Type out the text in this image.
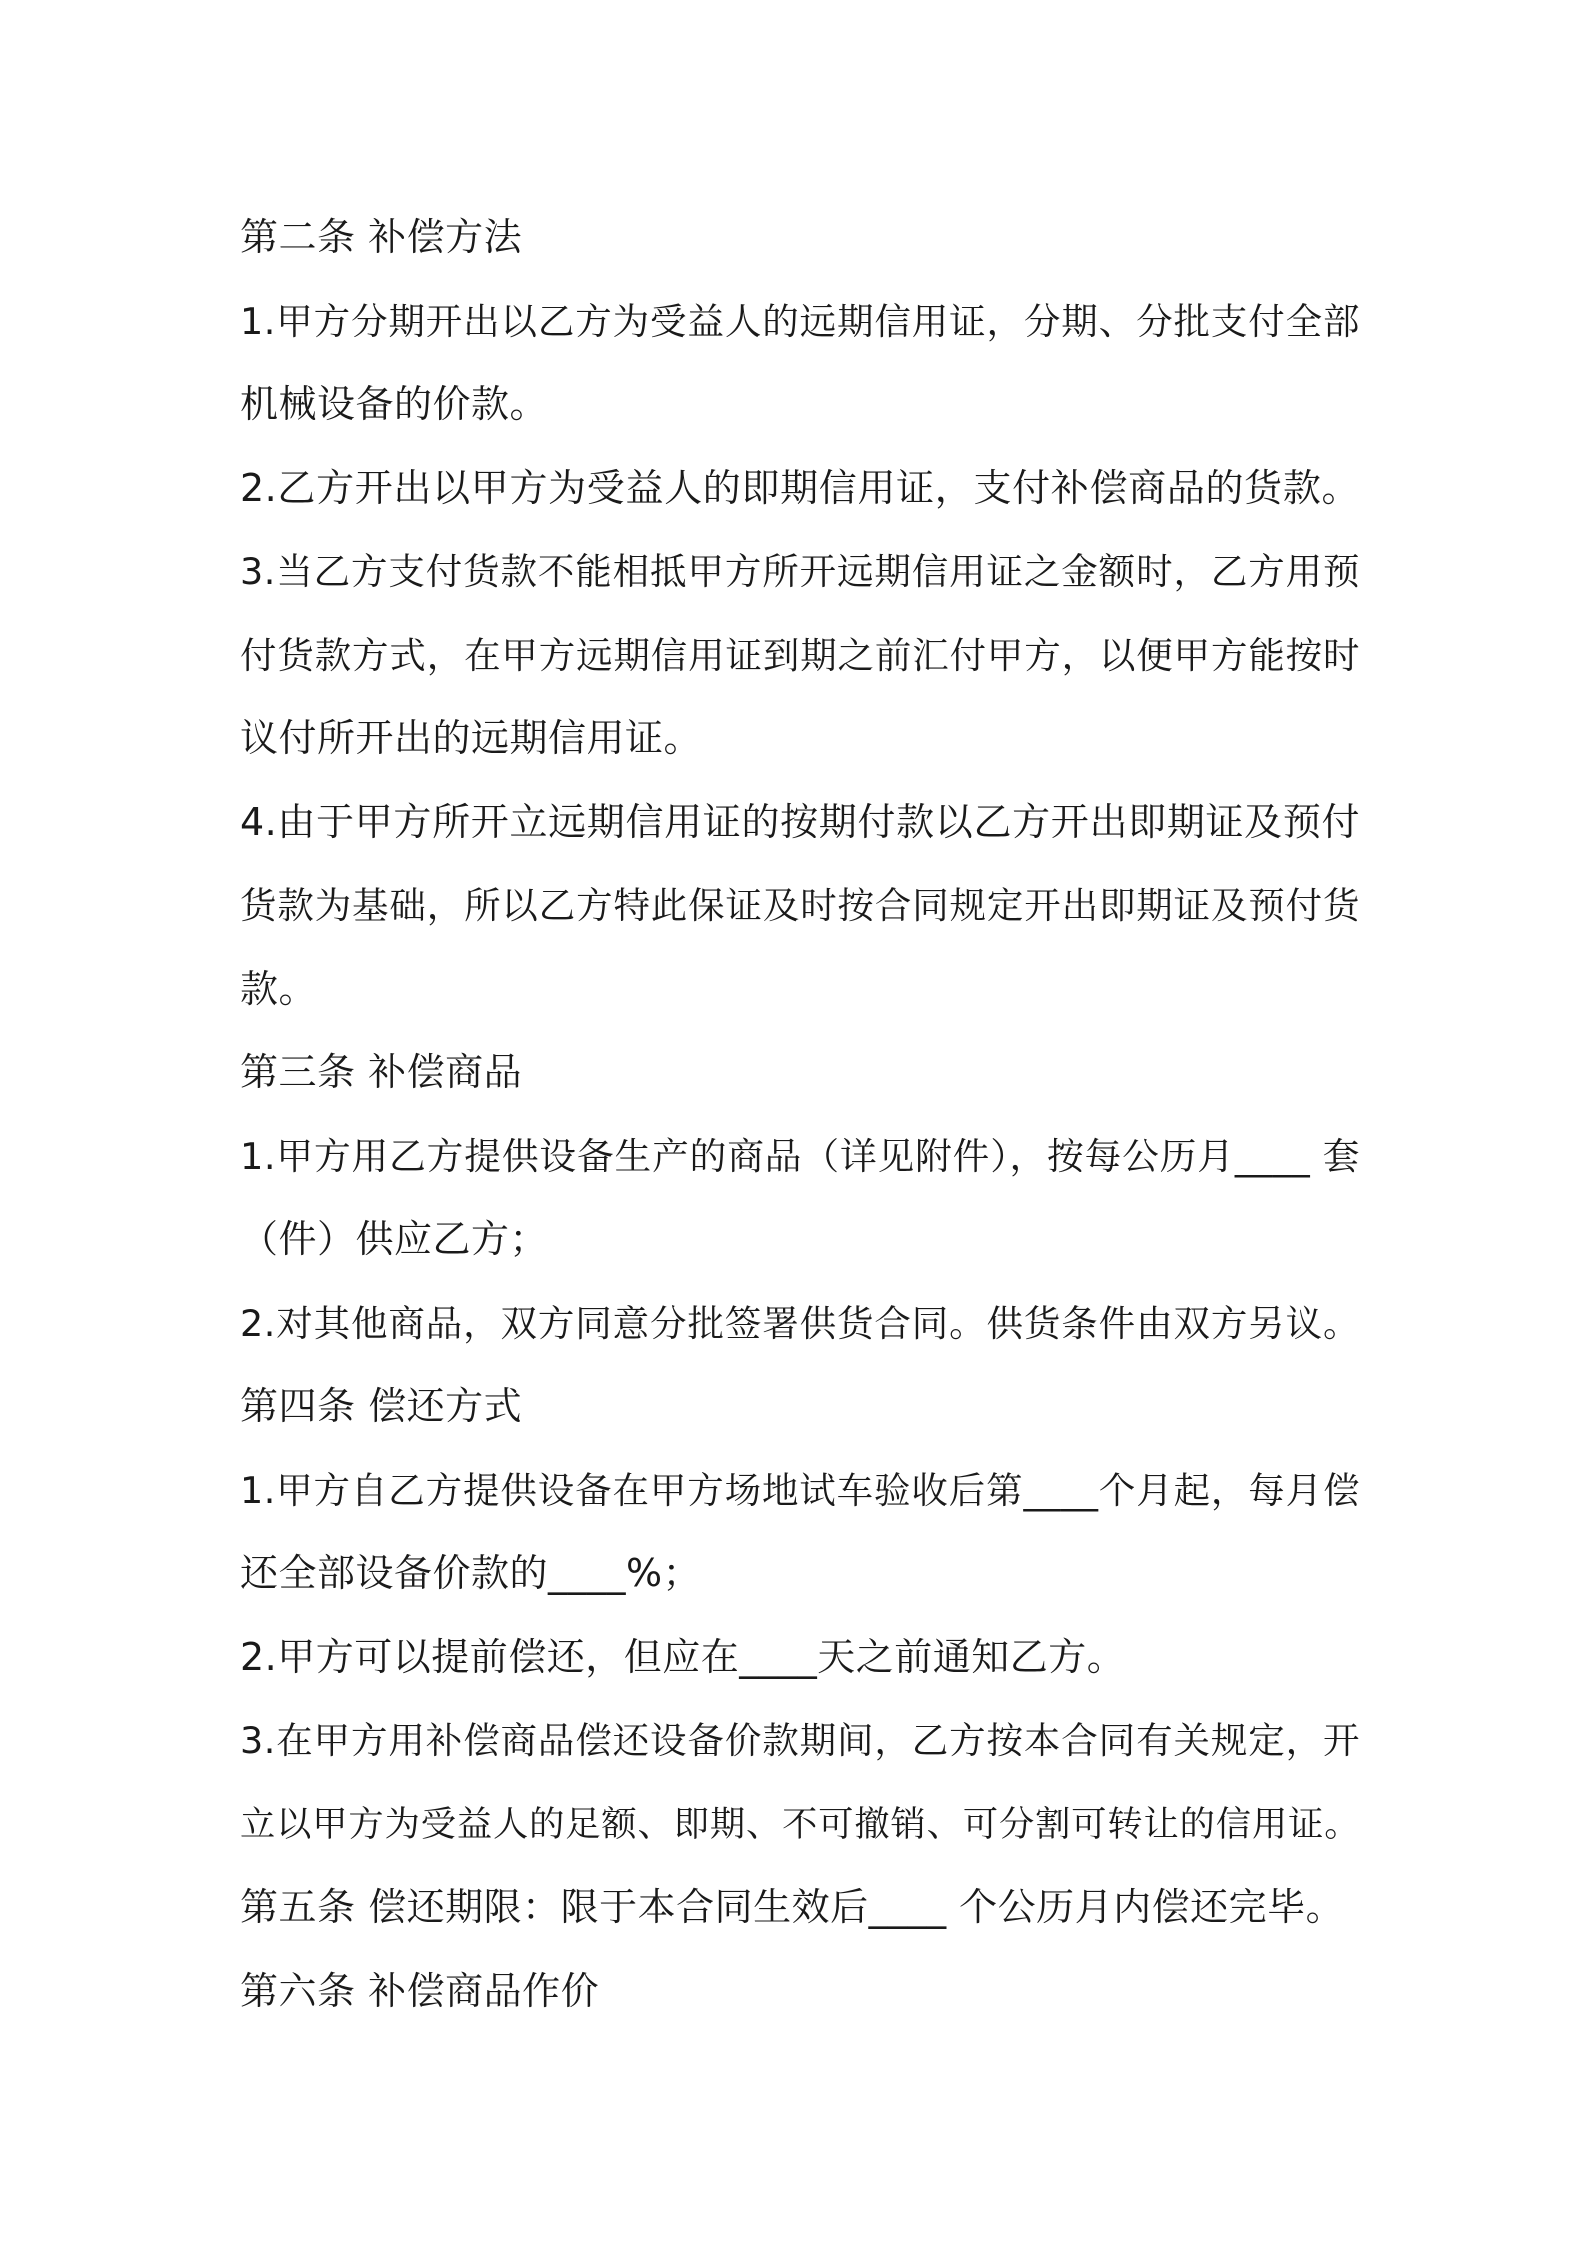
第二条 补偿方法
1.甲方分期开出以乙方为受益人的远期信用证，分期、分批支付全部
机械设备的价款。
2.乙方开出以甲方为受益人的即期信用证，支付补偿商品的货款。
3.当乙方支付货款不能相抵甲方所开远期信用证之金额时，乙方用预
付货款方式，在甲方远期信用证到期之前汇付甲方，以便甲方能按时
议付所开出的远期信用证。
4.由于甲方所开立远期信用证的按期付款以乙方开出即期证及预付
货款为基础，所以乙方特此保证及时按合同规定开出即期证及预付货
款。
第三条 补偿商品
1.甲方用乙方提供设备生产的商品（详见附件），按每公历月____ 套
（件）供应乙方；
2.对其他商品，双方同意分批签署供货合同。供货条件由双方另议。
第四条 偿还方式
1.甲方自乙方提供设备在甲方场地试车验收后第____个月起，每月偿
还全部设备价款的____%；
2.甲方可以提前偿还，但应在____天之前通知乙方。
3.在甲方用补偿商品偿还设备价款期间，乙方按本合同有关规定，开
立以甲方为受益人的足额、即期、不可撤销、可分割可转让的信用证。
第五条 偿还期限：限于本合同生效后____ 个公历月内偿还完毕。
第六条 补偿商品作价
